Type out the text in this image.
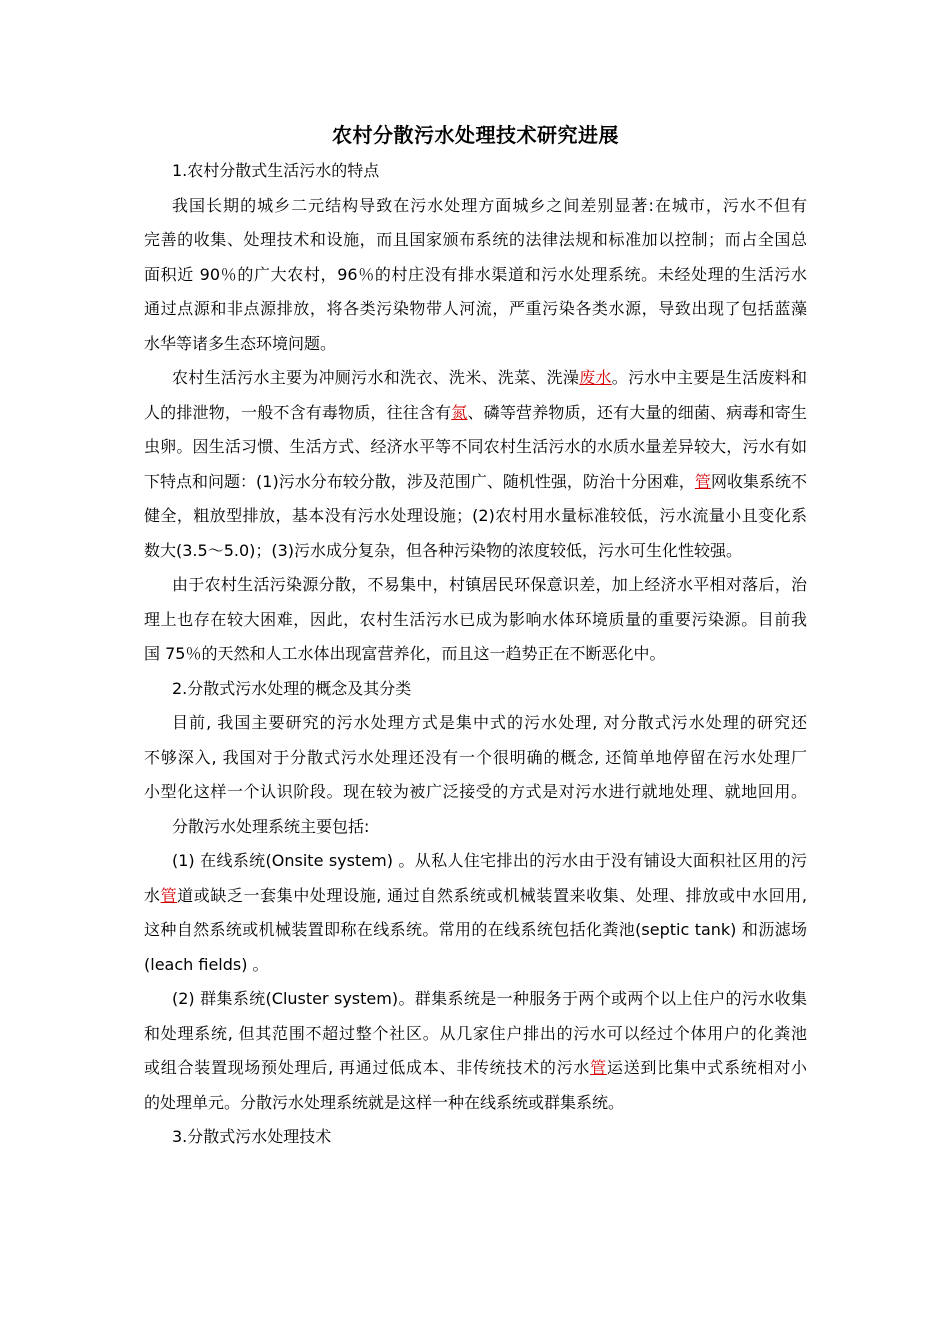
农村分散污水处理技术研究进展

1.农村分散式生活污水的特点

我国长期的城乡二元结构导致在污水处理方面城乡之间差别显著:在城市，污水不但有

完善的收集、处理技术和设施，而且国家颁布系统的法律法规和标准加以控制；而占全国总

面积近 90％的广大农村，96％的村庄没有排水渠道和污水处理系统。未经处理的生活污水

通过点源和非点源排放，将各类污染物带人河流，严重污染各类水源，导致出现了包括蓝藻

水华等诸多生态环境问题。

农村生活污水主要为冲厕污水和洗衣、洗米、洗菜、洗澡废水。污水中主要是生活废料和

人的排泄物，一般不含有毒物质，往往含有氮、磷等营养物质，还有大量的细菌、病毒和寄生

虫卵。因生活习惯、生活方式、经济水平等不同农村生活污水的水质水量差异较大，污水有如

下特点和问题：(1)污水分布较分散，涉及范围广、随机性强，防治十分困难，管网收集系统不

健全，粗放型排放，基本没有污水处理设施；(2)农村用水量标准较低，污水流量小且变化系

数大(3.5～5.0)；(3)污水成分复杂，但各种污染物的浓度较低，污水可生化性较强。

由于农村生活污染源分散，不易集中，村镇居民环保意识差，加上经济水平相对落后，治

理上也存在较大困难，因此，农村生活污水已成为影响水体环境质量的重要污染源。目前我

国 75％的天然和人工水体出现富营养化，而且这一趋势正在不断恶化中。

2.分散式污水处理的概念及其分类

目前, 我国主要研究的污水处理方式是集中式的污水处理, 对分散式污水处理的研究还

不够深入, 我国对于分散式污水处理还没有一个很明确的概念, 还简单地停留在污水处理厂

小型化这样一个认识阶段。现在较为被广泛接受的方式是对污水进行就地处理、就地回用。

分散污水处理系统主要包括:

(1) 在线系统(Onsite system) 。从私人住宅排出的污水由于没有铺设大面积社区用的污

水管道或缺乏一套集中处理设施, 通过自然系统或机械装置来收集、处理、排放或中水回用,

这种自然系统或机械装置即称在线系统。常用的在线系统包括化粪池(septic tank) 和沥滤场

(leach fields) 。

(2) 群集系统(Cluster system)。群集系统是一种服务于两个或两个以上住户的污水收集

和处理系统, 但其范围不超过整个社区。从几家住户排出的污水可以经过个体用户的化粪池

或组合装置现场预处理后, 再通过低成本、非传统技术的污水管运送到比集中式系统相对小

的处理单元。分散污水处理系统就是这样一种在线系统或群集系统。

3.分散式污水处理技术
